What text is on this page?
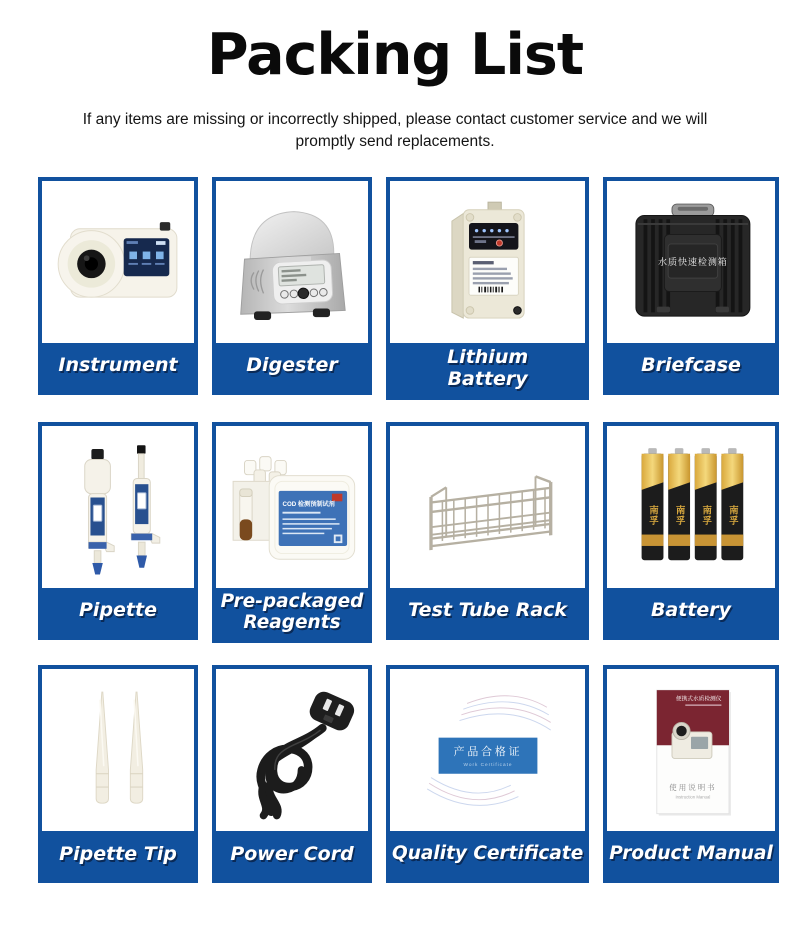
Packing List
If any items are missing or incorrectly shipped, please contact customer service and we will promptly send replacements.
Instrument	Digester	Lithium
Battery
水质快速检测箱
Briefcase
Pipette
COD 检测预制试剂
Pre-packaged
Reagents
Test Tube Rack
南孚 南孚 南孚 南孚
Battery
Pipette Tip	Power Cord
产品合格证
Work Certificate
Quality Certificate
便携式水质检测仪
使用说明书
Instruction Manual
Product Manual
